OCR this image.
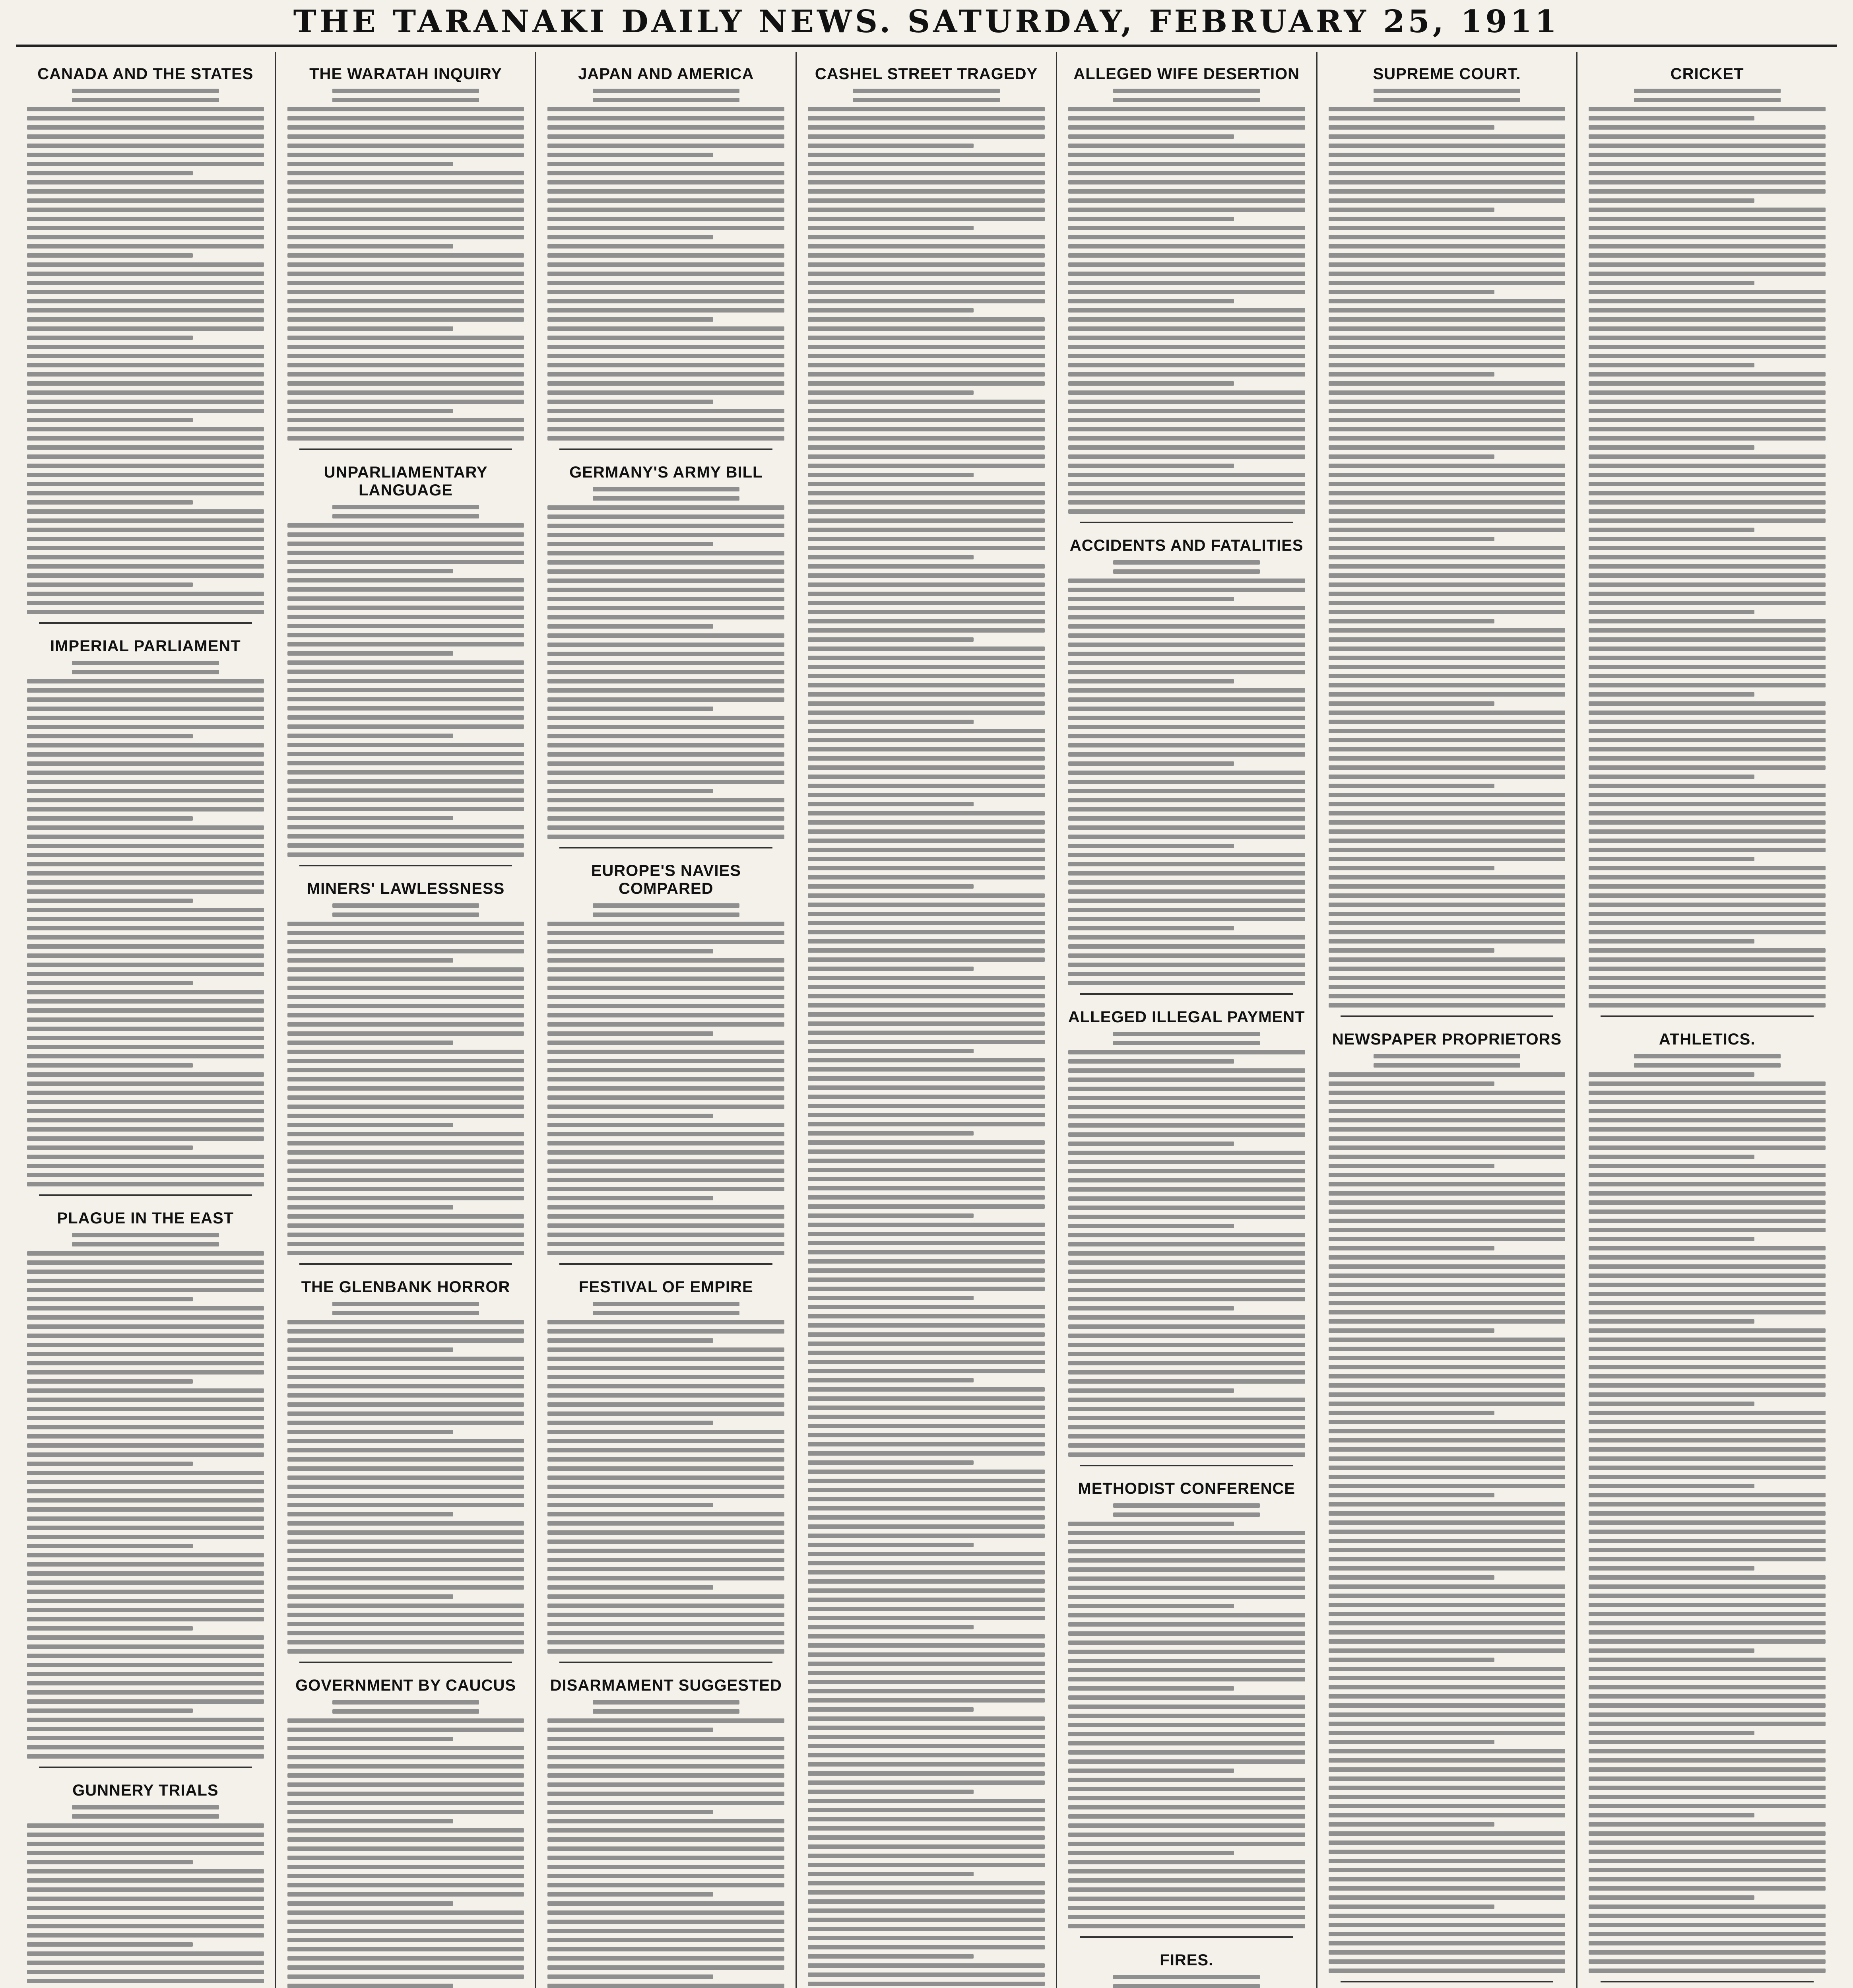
THE TARANAKI DAILY NEWS. SATURDAY, FEBRUARY 25, 1911
CANADA AND THE STATES
IMPERIAL PARLIAMENT
PLAGUE IN THE EAST
GUNNERY TRIALS
THE WARATAH INQUIRY
UNPARLIAMENTARY LANGUAGE
MINERS' LAWLESSNESS
THE GLENBANK HORROR
GOVERNMENT BY CAUCUS
JAPAN AND AMERICA
GERMANY'S ARMY BILL
EUROPE'S NAVIES COMPARED
FESTIVAL OF EMPIRE
DISARMAMENT SUGGESTED
CASHEL STREET TRAGEDY	ALLEGED WIFE DESERTION
ACCIDENTS AND FATALITIES
ALLEGED ILLEGAL PAYMENT
METHODIST CONFERENCE
FIRES.
SUPREME COURT.
NEWSPAPER PROPRIETORS
CRICKET
ATHLETICS.
